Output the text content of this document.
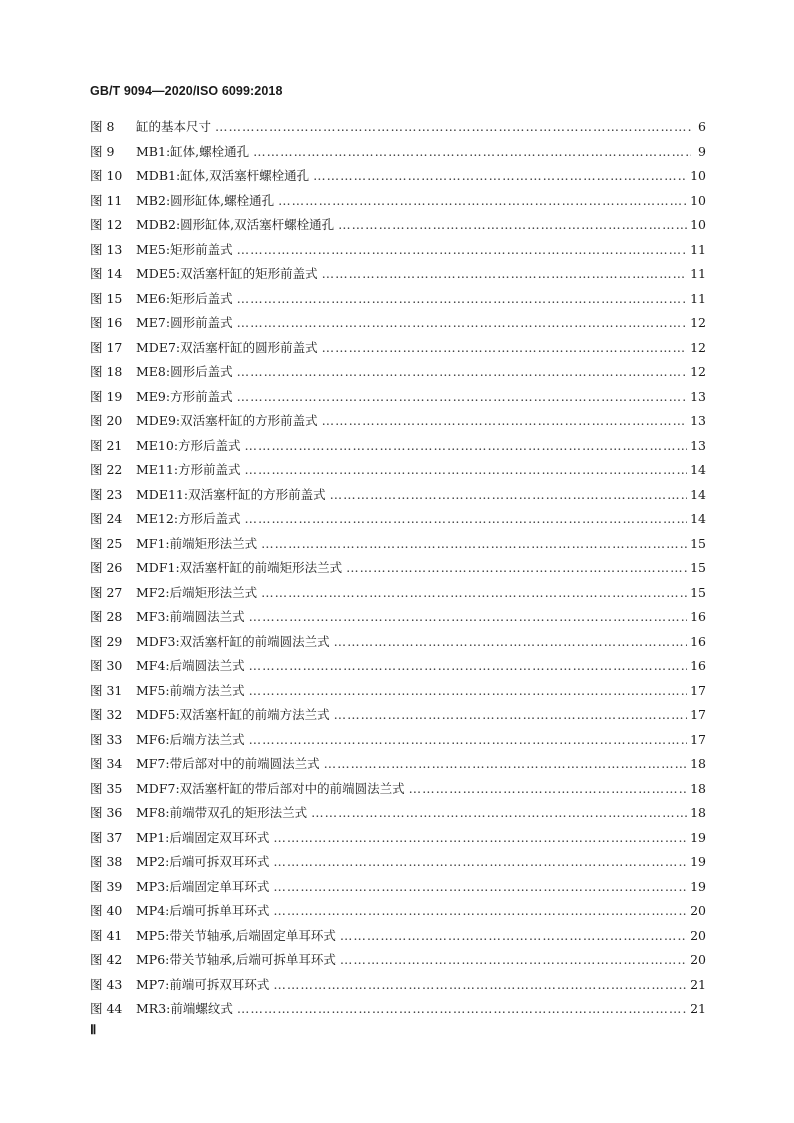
GB/T 9094—2020/ISO 6099:2018
图 8	缸的基本尺寸 ………………………………………………………………………………………………………………………………………………………………………………	6
图 9	MB1:缸体,螺栓通孔 ………………………………………………………………………………………………………………………………………………………………………………	9
图 10	MDB1:缸体,双活塞杆螺栓通孔 ………………………………………………………………………………………………………………………………………………………………………………	10
图 11	MB2:圆形缸体,螺栓通孔 ………………………………………………………………………………………………………………………………………………………………………………	10
图 12	MDB2:圆形缸体,双活塞杆螺栓通孔 ………………………………………………………………………………………………………………………………………………………………………………	10
图 13	ME5:矩形前盖式 ………………………………………………………………………………………………………………………………………………………………………………	11
图 14	MDE5:双活塞杆缸的矩形前盖式 ………………………………………………………………………………………………………………………………………………………………………………	11
图 15	ME6:矩形后盖式 ………………………………………………………………………………………………………………………………………………………………………………	11
图 16	ME7:圆形前盖式 ………………………………………………………………………………………………………………………………………………………………………………	12
图 17	MDE7:双活塞杆缸的圆形前盖式 ………………………………………………………………………………………………………………………………………………………………………………	12
图 18	ME8:圆形后盖式 ………………………………………………………………………………………………………………………………………………………………………………	12
图 19	ME9:方形前盖式 ………………………………………………………………………………………………………………………………………………………………………………	13
图 20	MDE9:双活塞杆缸的方形前盖式 ………………………………………………………………………………………………………………………………………………………………………………	13
图 21	ME10:方形后盖式 ………………………………………………………………………………………………………………………………………………………………………………	13
图 22	ME11:方形前盖式 ………………………………………………………………………………………………………………………………………………………………………………	14
图 23	MDE11:双活塞杆缸的方形前盖式 ………………………………………………………………………………………………………………………………………………………………………………	14
图 24	ME12:方形后盖式 ………………………………………………………………………………………………………………………………………………………………………………	14
图 25	MF1:前端矩形法兰式 ………………………………………………………………………………………………………………………………………………………………………………	15
图 26	MDF1:双活塞杆缸的前端矩形法兰式 ………………………………………………………………………………………………………………………………………………………………………………	15
图 27	MF2:后端矩形法兰式 ………………………………………………………………………………………………………………………………………………………………………………	15
图 28	MF3:前端圆法兰式 ………………………………………………………………………………………………………………………………………………………………………………	16
图 29	MDF3:双活塞杆缸的前端圆法兰式 ………………………………………………………………………………………………………………………………………………………………………………	16
图 30	MF4:后端圆法兰式 ………………………………………………………………………………………………………………………………………………………………………………	16
图 31	MF5:前端方法兰式 ………………………………………………………………………………………………………………………………………………………………………………	17
图 32	MDF5:双活塞杆缸的前端方法兰式 ………………………………………………………………………………………………………………………………………………………………………………	17
图 33	MF6:后端方法兰式 ………………………………………………………………………………………………………………………………………………………………………………	17
图 34	MF7:带后部对中的前端圆法兰式 ………………………………………………………………………………………………………………………………………………………………………………	18
图 35	MDF7:双活塞杆缸的带后部对中的前端圆法兰式 ………………………………………………………………………………………………………………………………………………………………………………	18
图 36	MF8:前端带双孔的矩形法兰式 ………………………………………………………………………………………………………………………………………………………………………………	18
图 37	MP1:后端固定双耳环式 ………………………………………………………………………………………………………………………………………………………………………………	19
图 38	MP2:后端可拆双耳环式 ………………………………………………………………………………………………………………………………………………………………………………	19
图 39	MP3:后端固定单耳环式 ………………………………………………………………………………………………………………………………………………………………………………	19
图 40	MP4:后端可拆单耳环式 ………………………………………………………………………………………………………………………………………………………………………………	20
图 41	MP5:带关节轴承,后端固定单耳环式 ………………………………………………………………………………………………………………………………………………………………………………	20
图 42	MP6:带关节轴承,后端可拆单耳环式 ………………………………………………………………………………………………………………………………………………………………………………	20
图 43	MP7:前端可拆双耳环式 ………………………………………………………………………………………………………………………………………………………………………………	21
图 44	MR3:前端螺纹式 ………………………………………………………………………………………………………………………………………………………………………………	21
Ⅱ
